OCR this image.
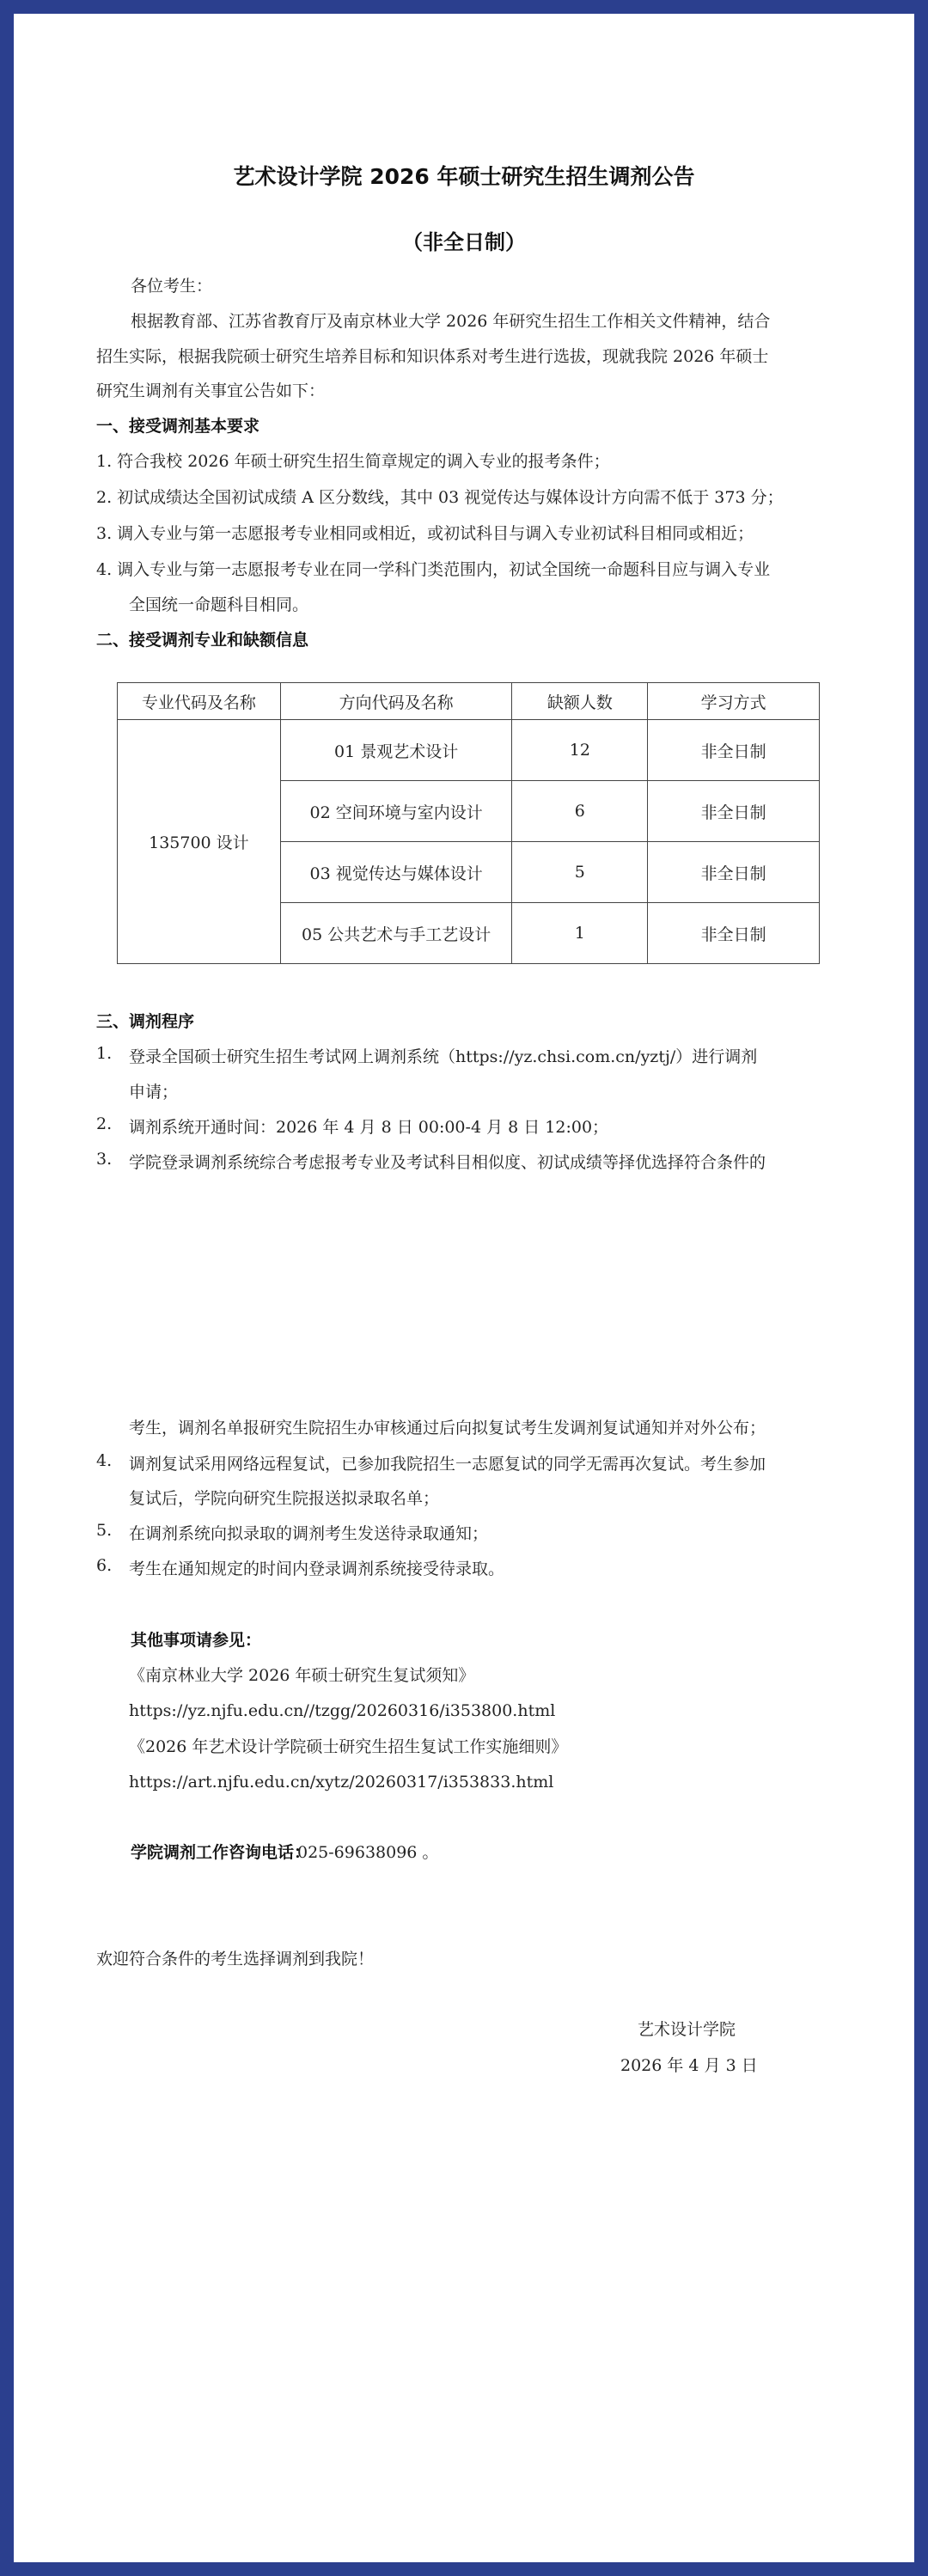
艺术设计学院 2026 年硕士研究生招生调剂公告
（非全日制）
各位考生：
根据教育部、江苏省教育厅及南京林业大学 2026 年研究生招生工作相关文件精神，结合
招生实际，根据我院硕士研究生培养目标和知识体系对考生进行选拔，现就我院 2026 年硕士
研究生调剂有关事宜公告如下：
一、接受调剂基本要求
1. 符合我校 2026 年硕士研究生招生简章规定的调入专业的报考条件；
2. 初试成绩达全国初试成绩 A 区分数线，其中 03 视觉传达与媒体设计方向需不低于 373 分；
3. 调入专业与第一志愿报考专业相同或相近，或初试科目与调入专业初试科目相同或相近；
4. 调入专业与第一志愿报考专业在同一学科门类范围内，初试全国统一命题科目应与调入专业
全国统一命题科目相同。
二、接受调剂专业和缺额信息
专业代码及名称	方向代码及名称	缺额人数	学习方式
135700 设计	01 景观艺术设计	12	非全日制
	02 空间环境与室内设计	6	非全日制
	03 视觉传达与媒体设计	5	非全日制
	05 公共艺术与手工艺设计	1	非全日制
三、调剂程序
1. 登录全国硕士研究生招生考试网上调剂系统（https://yz.chsi.com.cn/yztj/）进行调剂
申请；
2. 调剂系统开通时间：2026 年 4 月 8 日 00:00-4 月 8 日 12:00；
3. 学院登录调剂系统综合考虑报考专业及考试科目相似度、初试成绩等择优选择符合条件的
考生，调剂名单报研究生院招生办审核通过后向拟复试考生发调剂复试通知并对外公布；
4. 调剂复试采用网络远程复试，已参加我院招生一志愿复试的同学无需再次复试。考生参加
复试后，学院向研究生院报送拟录取名单；
5. 在调剂系统向拟录取的调剂考生发送待录取通知；
6. 考生在通知规定的时间内登录调剂系统接受待录取。
其他事项请参见：
《南京林业大学 2026 年硕士研究生复试须知》
https://yz.njfu.edu.cn//tzgg/20260316/i353800.html
《2026 年艺术设计学院硕士研究生招生复试工作实施细则》
https://art.njfu.edu.cn/xytz/20260317/i353833.html
学院调剂工作咨询电话：
025-69638096 。
欢迎符合条件的考生选择调剂到我院！
艺术设计学院
2026 年 4 月 3 日
